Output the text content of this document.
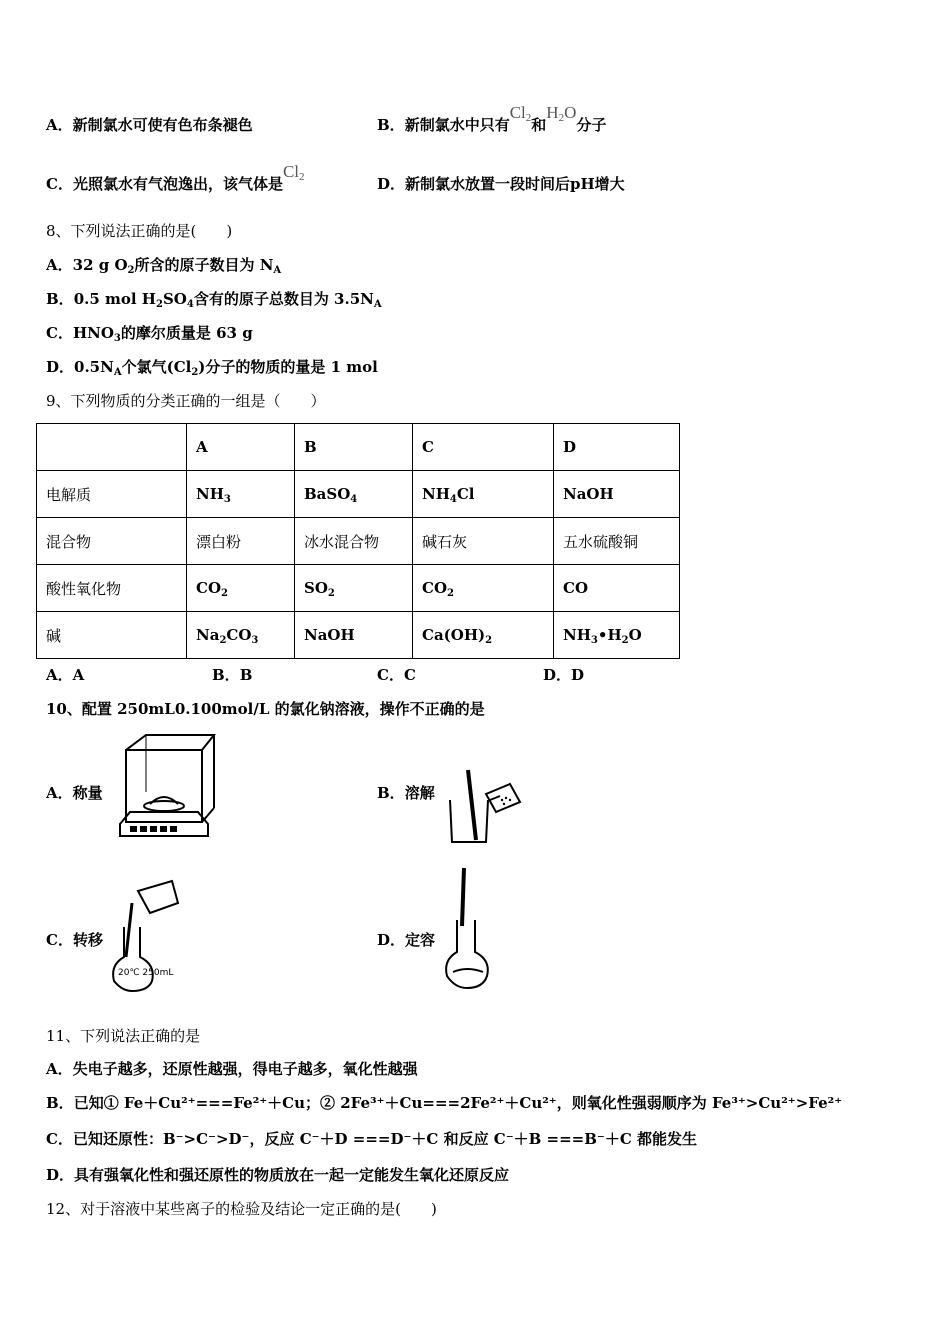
A．新制氯水可使有色布条褪色	B．新制氯水中只有$Cl_2$和$H_2O$分子
C．光照氯水有气泡逸出，该气体是$Cl_2$	D．新制氯水放置一段时间后pH增大
8、下列说法正确的是(　　)
A．32 g $O_2$所含的原子数目为 $N_A$
B．0.5 mol $H_2SO_4$含有的原子总数目为 $3.5N_A$
C．$HNO_3$的摩尔质量是 63 g
D．$0.5N_A$个氯气$(Cl_2)$分子的物质的量是 1 mol
9、下列物质的分类正确的一组是（　　）
	A	B	C	D
电解质	$NH_3$	BaSO$_4$	$NH_4Cl$	NaOH
混合物	漂白粉	冰水混合物	碱石灰	五水硫酸铜
酸性氧化物	$CO_2$	$SO_2$	$CO_2$	CO
碱	$Na_2CO_3$	NaOH	$Ca(OH)_2$	$NH_3•H_2O$
A．A	B．B	C．C	D．D
10、配置 250mL0.100mol/L 的氯化钠溶液，操作不正确的是
A．称量	B．溶解
C．转移	D．定容
20℃ 250mL
11、下列说法正确的是
A．失电子越多，还原性越强，得电子越多，氧化性越强
B．已知① Fe＋Cu²⁺===Fe²⁺＋Cu；② 2Fe³⁺＋Cu===2Fe²⁺＋Cu²⁺，则氧化性强弱顺序为 Fe³⁺>Cu²⁺>Fe²⁺
C．已知还原性：B⁻>C⁻>D⁻，反应 C⁻＋D ===D⁻＋C 和反应 C⁻＋B ===B⁻＋C 都能发生
D．具有强氧化性和强还原性的物质放在一起一定能发生氧化还原反应
12、对于溶液中某些离子的检验及结论一定正确的是(　　)
